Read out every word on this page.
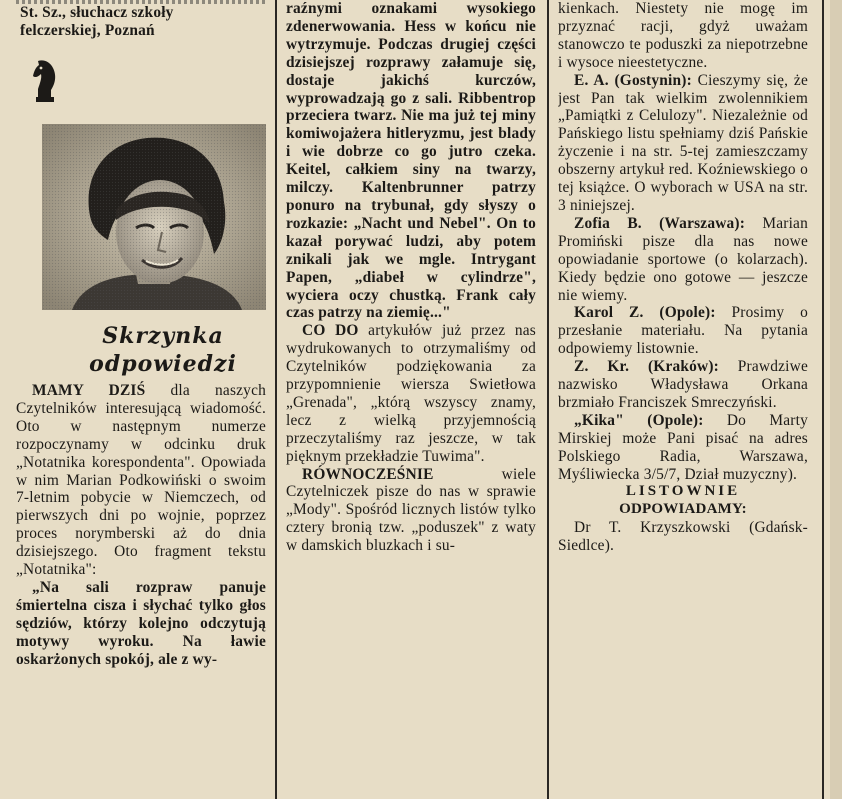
St. Sz., słuchacz szkoły

felczerskiej, Poznań

Skrzynka
odpowiedzi

MAMY DZIŚ dla naszych Czytelników interesującą wiadomość. Oto w następnym numerze rozpoczynamy w odcinku druk „Notatnika korespondenta". Opowiada w nim Marian Podkowiński o swoim 7-letnim pobycie w Niemczech, od pierwszych dni po wojnie, poprzez proces norymberski aż do dnia dzisiejszego. Oto fragment tekstu „Notatnika":

„Na sali rozpraw panuje śmiertelna cisza i słychać tylko głos sędziów, którzy kolejno odczytują motywy wyroku. Na ławie oskarżonych spokój, ale z wy-

raźnymi oznakami wysokiego zdenerwowania. Hess w końcu nie wytrzymuje. Podczas drugiej części dzisiejszej rozprawy załamuje się, dostaje jakichś kurczów, wyprowadzają go z sali. Ribbentrop przeciera twarz. Nie ma już tej miny komiwojażera hitleryzmu, jest blady i wie dobrze co go jutro czeka. Keitel, całkiem siny na twarzy, milczy. Kaltenbrunner patrzy ponuro na trybunał, gdy słyszy o rozkazie: „Nacht und Nebel". On to kazał porywać ludzi, aby potem znikali jak we mgle. Intrygant Papen, „diabeł w cylindrze", wyciera oczy chustką. Frank cały czas patrzy na ziemię..."

CO DO artykułów już przez nas wydrukowanych to otrzymaliśmy od Czytelników podziękowania za przypomnienie wiersza Swietłowa „Grenada", „którą wszyscy znamy, lecz z wielką przyjemnością przeczytaliśmy raz jeszcze, w tak pięknym przekładzie Tuwima".

RÓWNOCZEŚNIE wiele Czytelniczek pisze do nas w sprawie „Mody". Spośród licznych listów tylko cztery bronią tzw. „poduszek" z waty w damskich bluzkach i su-

kienkach. Niestety nie mogę im przyznać racji, gdyż uważam stanowczo te poduszki za niepotrzebne i wysoce nieestetyczne.

E. A. (Gostynin): Cieszymy się, że jest Pan tak wielkim zwolennikiem „Pamiątki z Celulozy". Niezależnie od Pańskiego listu spełniamy dziś Pańskie życzenie i na str. 5-tej zamieszczamy obszerny artykuł red. Koźniewskiego o tej książce. O wyborach w USA na str. 3 niniejszej.

Zofia B. (Warszawa): Marian Promiński pisze dla nas nowe opowiadanie sportowe (o kolarzach). Kiedy będzie ono gotowe — jeszcze nie wiemy.

Karol Z. (Opole): Prosimy o przesłanie materiału. Na pytania odpowiemy listownie.

Z. Kr. (Kraków): Prawdziwe nazwisko Władysława Orkana brzmiało Franciszek Smreczyński.

„Kika" (Opole): Do Marty Mirskiej może Pani pisać na adres Polskiego Radia, Warszawa, Myśliwiecka 3/5/7, Dział muzyczny).

LISTOWNIE

ODPOWIADAMY:

Dr T. Krzyszkowski (Gdańsk-Siedlce).
